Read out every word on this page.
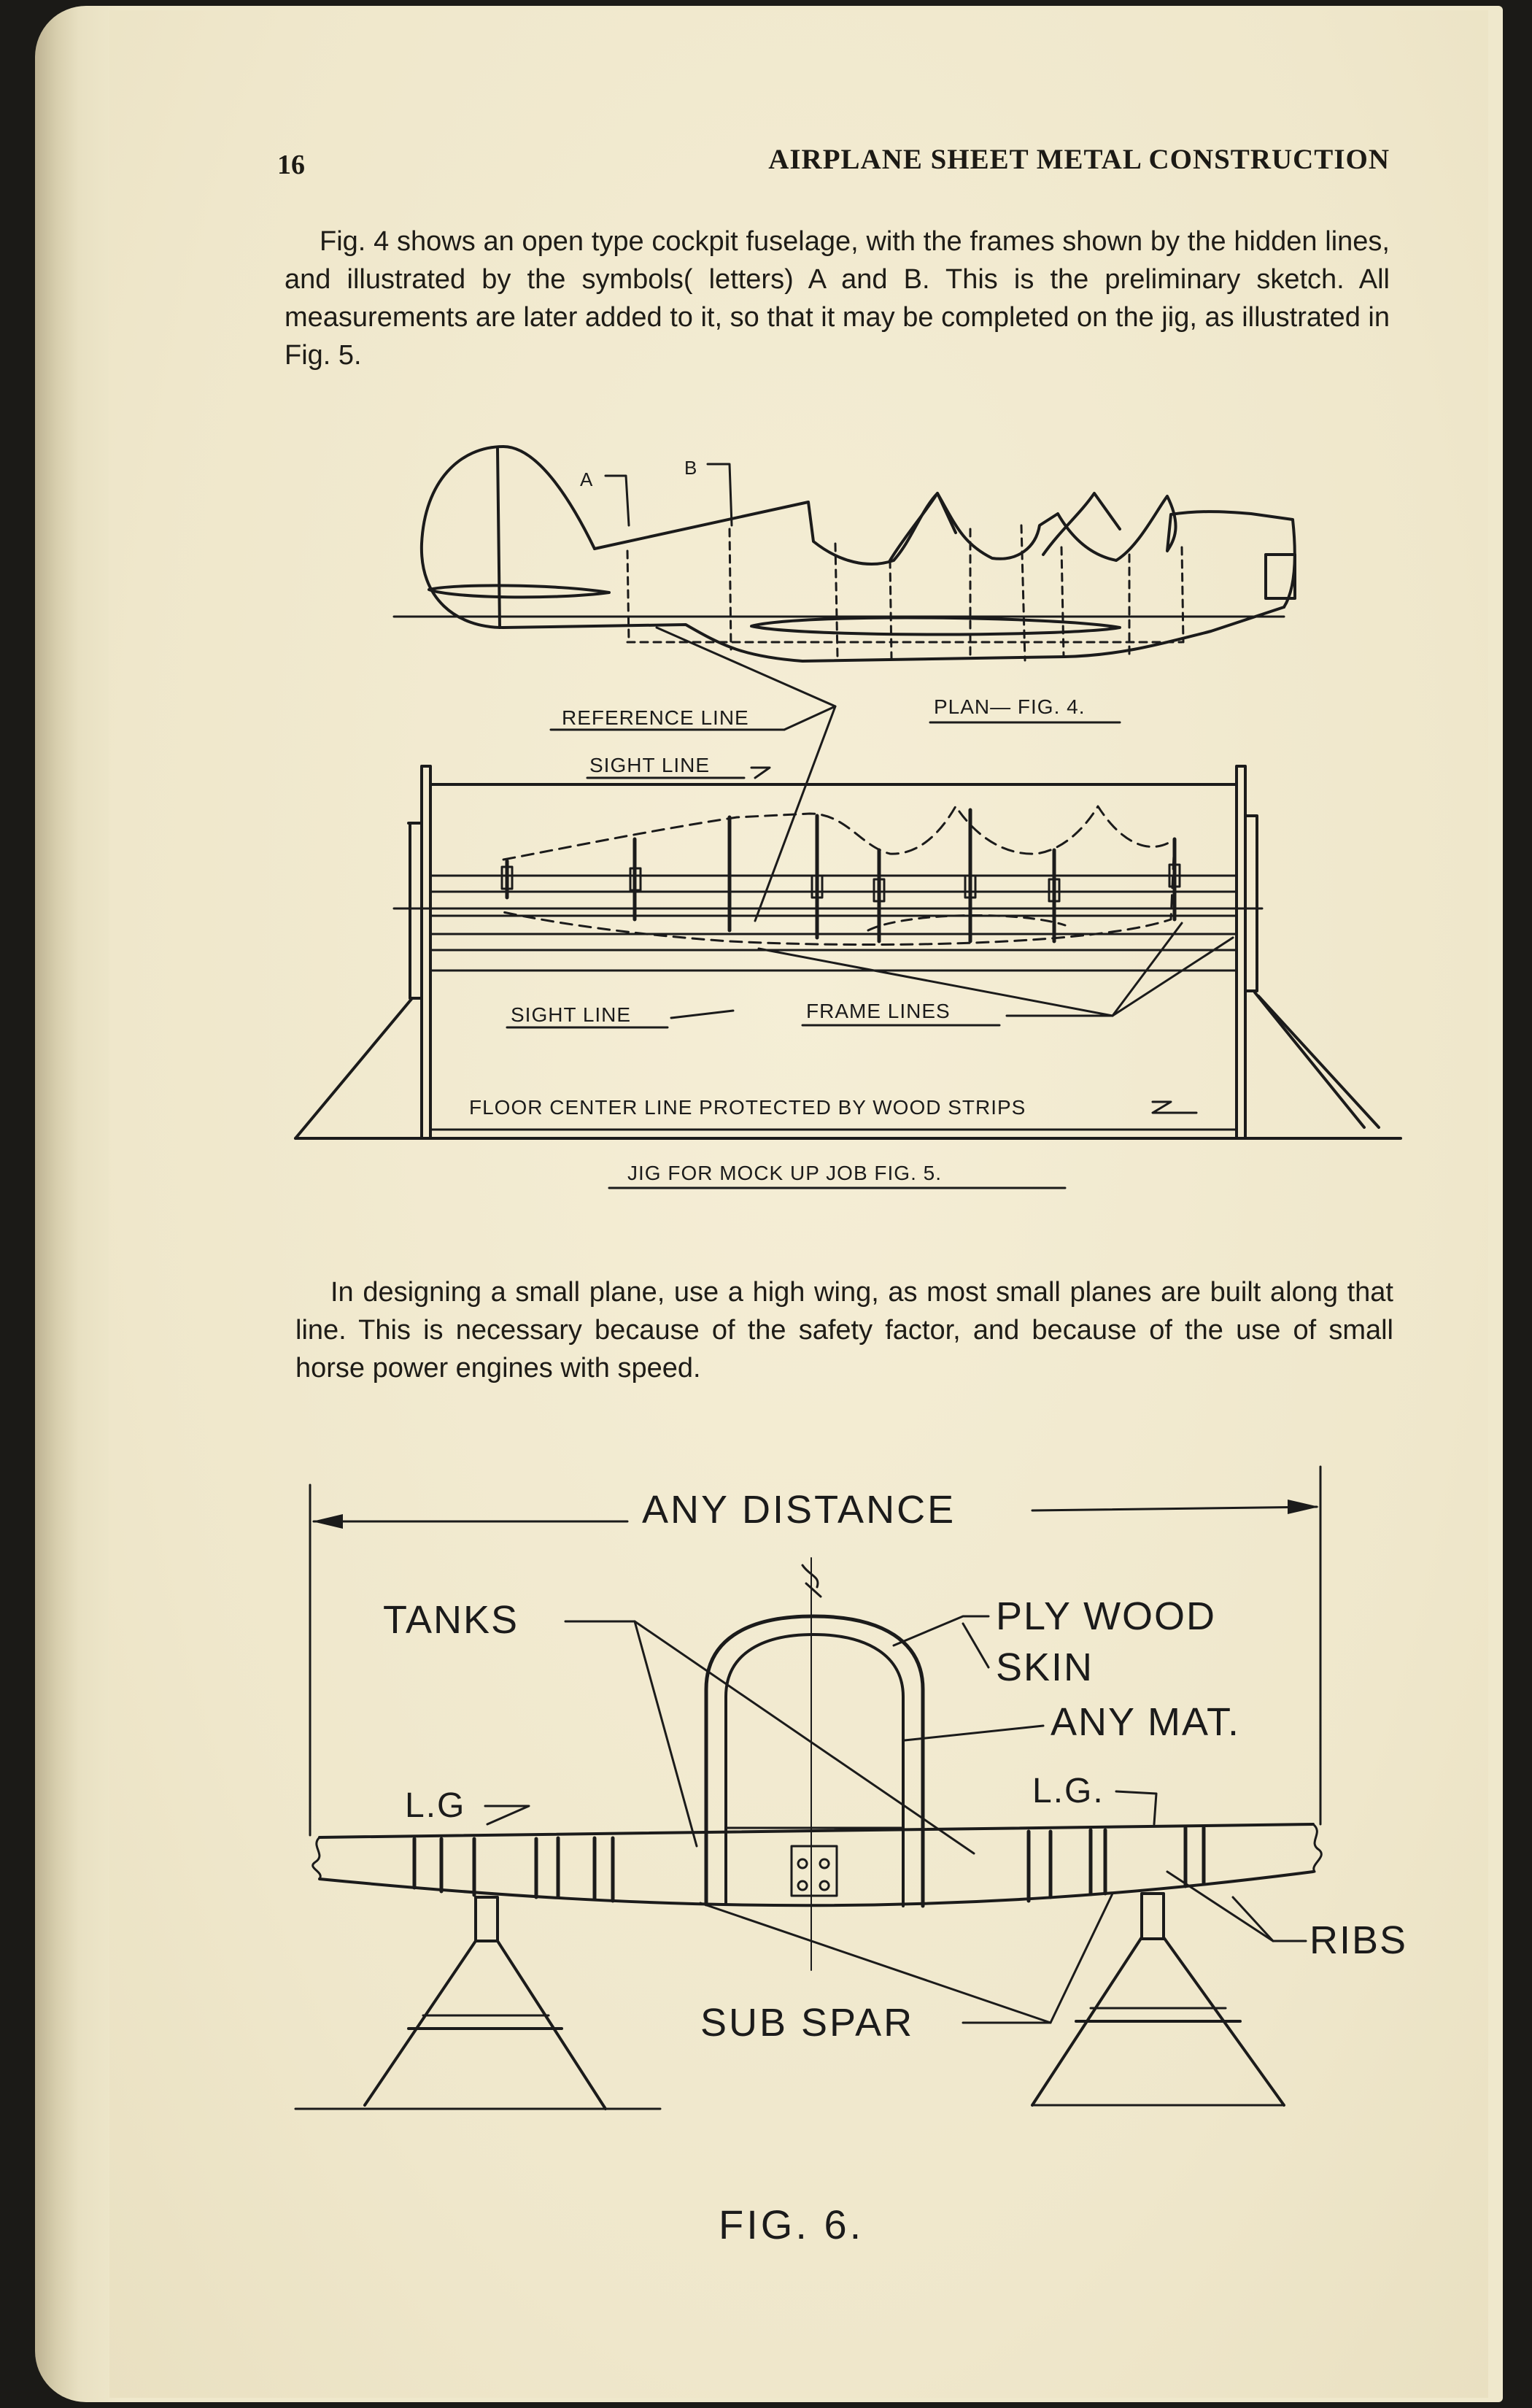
16	AIRPLANE SHEET METAL CONSTRUCTION

Fig. 4 shows an open type cockpit fuselage, with the frames shown by the hidden lines, and illustrated by the symbols( letters) A and B. This is the preliminary sketch. All measurements are later added to it, so that it may be completed on the jig, as illustrated in Fig. 5.

In designing a small plane, use a high wing, as most small planes are built along that line. This is necessary because of the safety factor, and because of the use of small horse power engines with speed.

A
B
REFERENCE LINE	PLAN— FIG. 4.
SIGHT LINE
SIGHT LINE	FRAME LINES
FLOOR CENTER LINE PROTECTED BY WOOD STRIPS
JIG FOR MOCK UP JOB FIG. 5.
ANY DISTANCE
TANKS	PLY WOOD
SKIN
ANY MAT.
L.G	L.G.
RIBS
SUB SPAR
FIG. 6.
